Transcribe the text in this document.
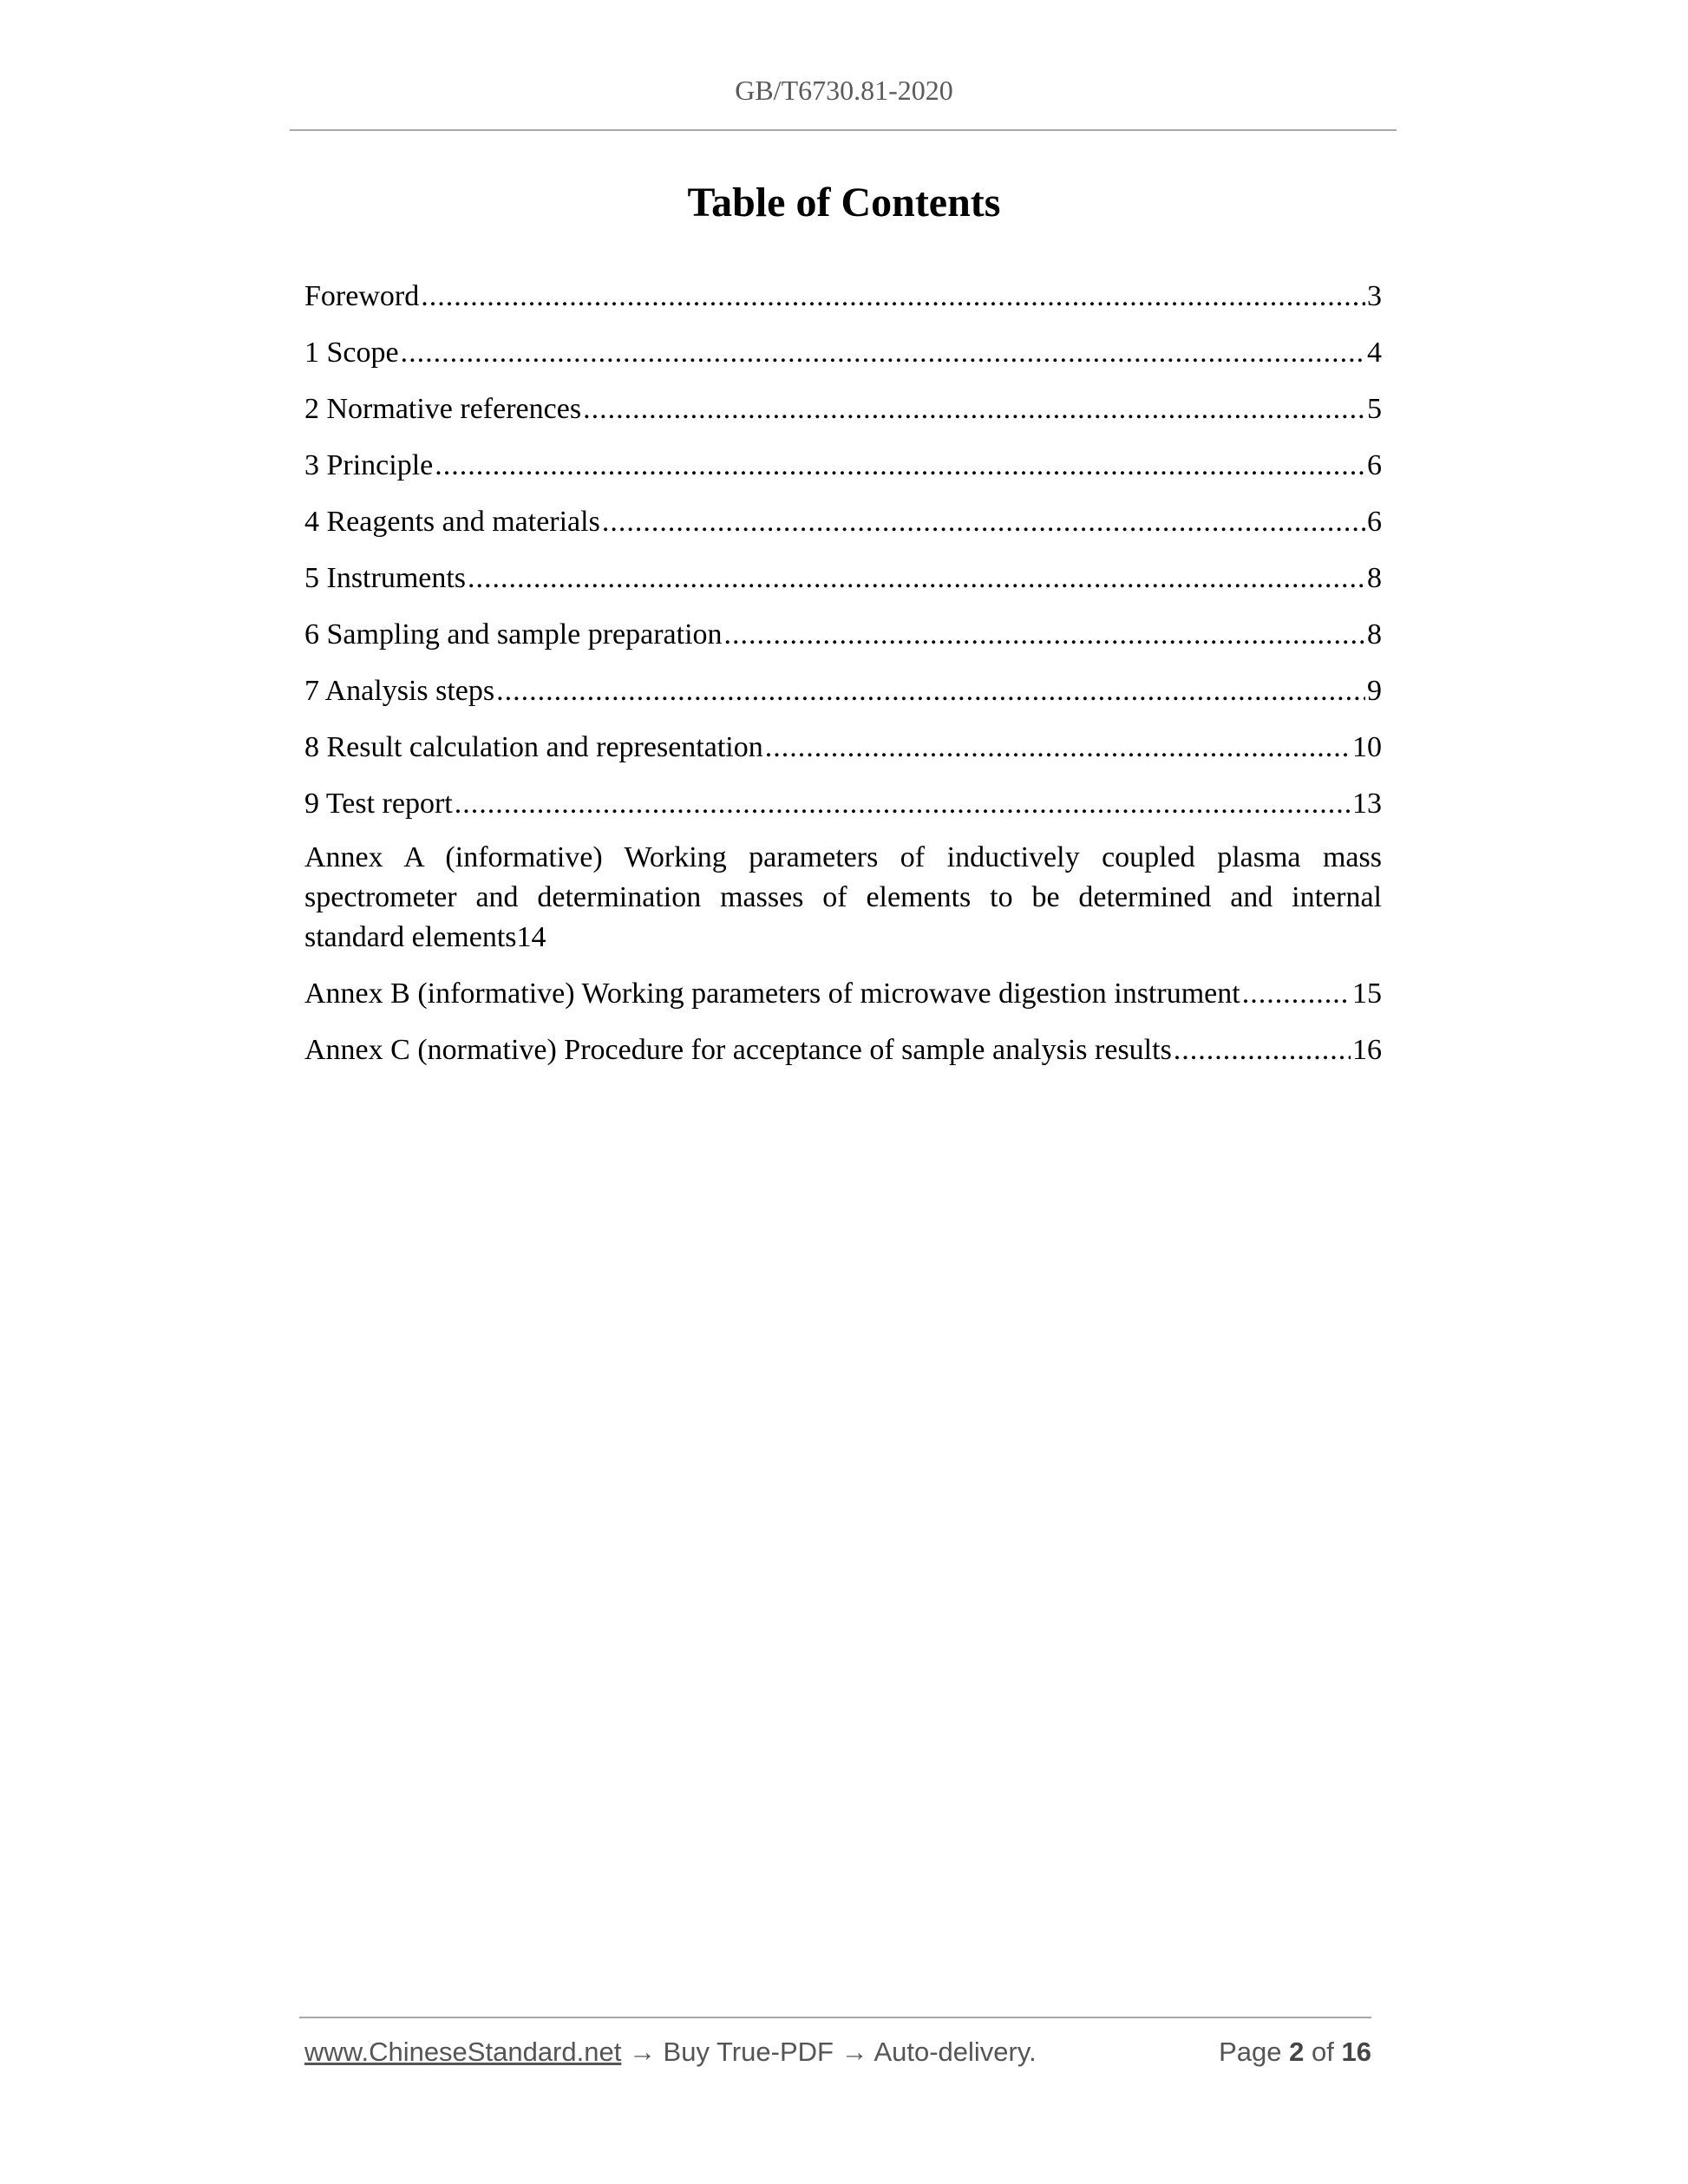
GB/T6730.81-2020
Table of Contents
Foreword .....	3
1 Scope .....	4
2 Normative references .....	5
3 Principle .....	6
4 Reagents and materials .....	6
5 Instruments .....	8
6 Sampling and sample preparation .....	8
7 Analysis steps .....	9
8 Result calculation and representation .....	10
9 Test report .....	13
Annex A (informative) Working parameters of inductively coupled plasma mass
spectrometer and determination masses of elements to be determined and internal
standard elements 14
Annex B (informative) Working parameters of microwave digestion instrument .....	15
Annex C (normative) Procedure for acceptance of sample analysis results .....	16
www.ChineseStandard.net → Buy True-PDF → Auto-delivery.	Page 2 of 16
